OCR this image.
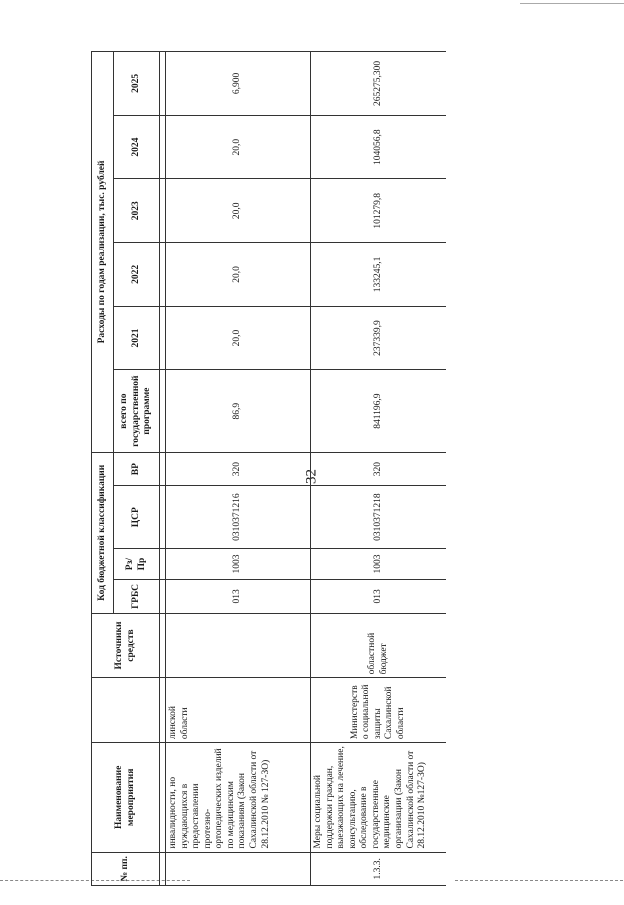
32
№ пп.	Наименование мероприятия		Источники средств	Код бюджетной классификации				Расходы по годам реализации, тыс. рублей					
				ГРБС	Рз/ Пр	ЦСР	ВР	всего по государственной программе	2021	2022	2023	2024	2025

	инвалидности, но нуждающихся в предоставлении протезно-ортопедических изделий по медицинским показаниям (Закон Сахалинской области от 28.12.2010 № 127-ЗО)	линской области		013	1003	0310371216	320	86,9	20,0	20,0	20,0	20,0	6,900
1.3.3.	Меры социальной поддержки граждан, выезжающих на лечение, консультацию, обследование в государственные медицинские организации (Закон Сахалинской области от 28.12.2010 №127-ЗО)	Министерство социальной защиты Сахалинской области	областной бюджет	013	1003	0310371218	320	841196,9	237339,9	133245,1	101279,8	104056,8	265275,300
